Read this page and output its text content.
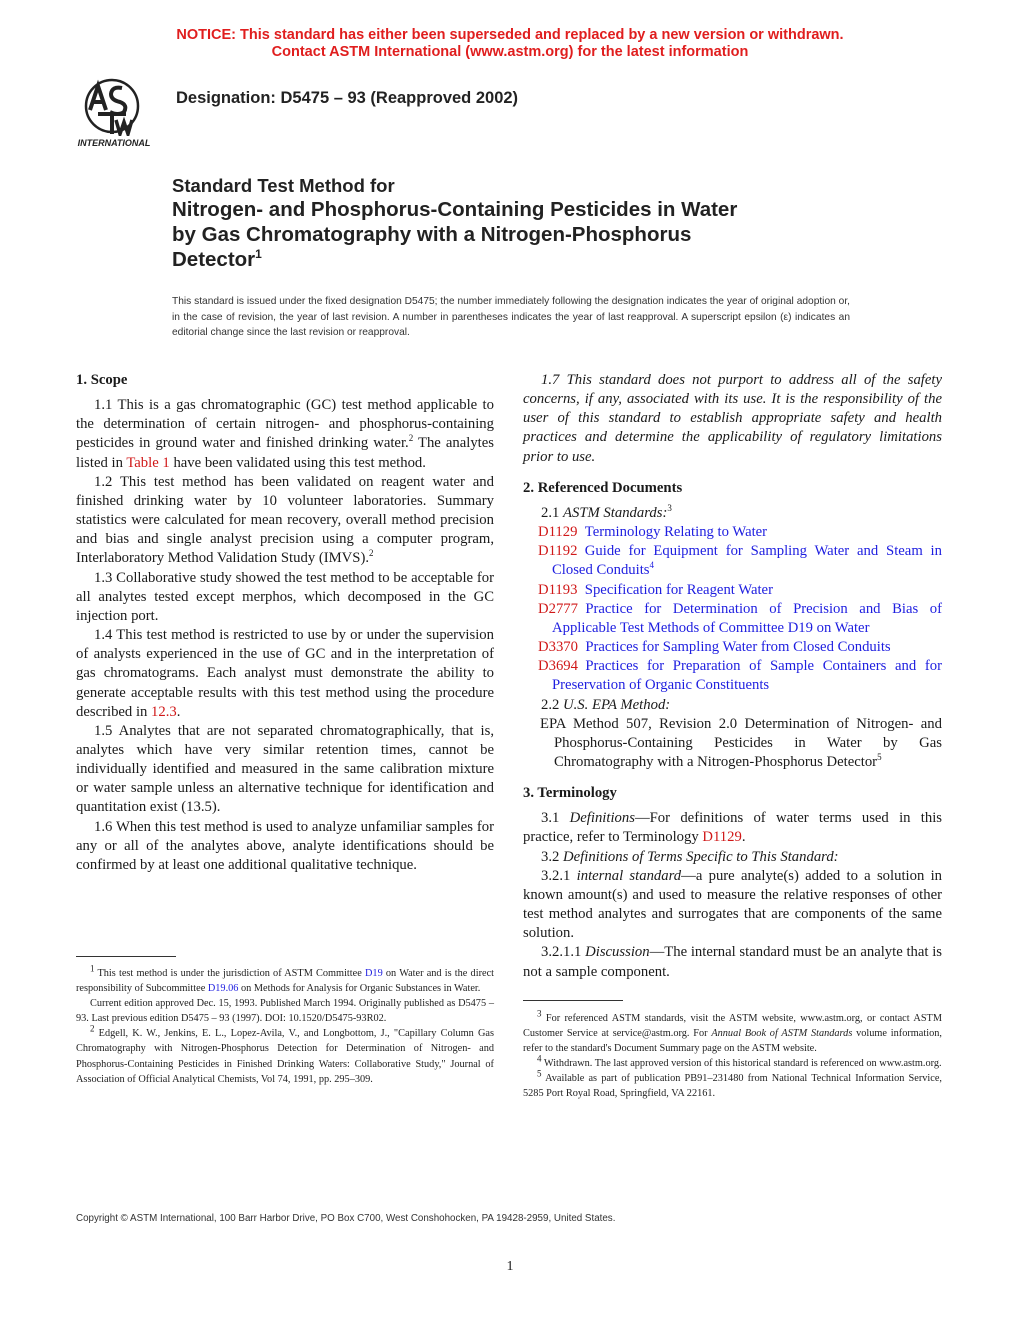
NOTICE: This standard has either been superseded and replaced by a new version or withdrawn.
Contact ASTM International (www.astm.org) for the latest information
INTERNATIONAL
Designation: D5475 – 93 (Reapproved 2002)
Standard Test Method for
Nitrogen- and Phosphorus-Containing Pesticides in Water
by Gas Chromatography with a Nitrogen-Phosphorus
Detector$^1$
This standard is issued under the fixed designation D5475; the number immediately following the designation indicates the year of original adoption or, in the case of revision, the year of last revision. A number in parentheses indicates the year of last reapproval. A superscript epsilon (ε) indicates an editorial change since the last revision or reapproval.
1. Scope

1.1 This is a gas chromatographic (GC) test method applicable to the determination of certain nitrogen- and phosphorus-containing pesticides in ground water and finished drinking water.$^2$ The analytes listed in Table 1 have been validated using this test method.

1.2 This test method has been validated on reagent water and finished drinking water by 10 volunteer laboratories. Summary statistics were calculated for mean recovery, overall method precision and bias and single analyst precision using a computer program, Interlaboratory Method Validation Study (IMVS).$^2$

1.3 Collaborative study showed the test method to be acceptable for all analytes tested except merphos, which decomposed in the GC injection port.

1.4 This test method is restricted to use by or under the supervision of analysts experienced in the use of GC and in the interpretation of gas chromatograms. Each analyst must demonstrate the ability to generate acceptable results with this test method using the procedure described in 12.3.

1.5 Analytes that are not separated chromatographically, that is, analytes which have very similar retention times, cannot be individually identified and measured in the same calibration mixture or water sample unless an alternative technique for identification and quantitation exist (13.5).

1.6 When this test method is used to analyze unfamiliar samples for any or all of the analytes above, analyte identifications should be confirmed by at least one additional qualitative technique.

$^1$ This test method is under the jurisdiction of ASTM Committee D19 on Water and is the direct responsibility of Subcommittee D19.06 on Methods for Analysis for Organic Substances in Water.

Current edition approved Dec. 15, 1993. Published March 1994. Originally published as D5475 – 93. Last previous edition D5475 – 93 (1997). DOI: 10.1520/D5475-93R02.

$^2$ Edgell, K. W., Jenkins, E. L., Lopez-Avila, V., and Longbottom, J., "Capillary Column Gas Chromatography with Nitrogen-Phosphorus Detection for Determination of Nitrogen- and Phosphorus-Containing Pesticides in Finished Drinking Waters: Collaborative Study," Journal of Association of Official Analytical Chemists, Vol 74, 1991, pp. 295–309.

1.7 This standard does not purport to address all of the safety concerns, if any, associated with its use. It is the responsibility of the user of this standard to establish appropriate safety and health practices and determine the applicability of regulatory limitations prior to use.

2. Referenced Documents

2.1 ASTM Standards:$^3$

D1129  Terminology Relating to Water
D1192  Guide for Equipment for Sampling Water and Steam in Closed Conduits$^4$
D1193  Specification for Reagent Water
D2777  Practice for Determination of Precision and Bias of Applicable Test Methods of Committee D19 on Water
D3370  Practices for Sampling Water from Closed Conduits
D3694  Practices for Preparation of Sample Containers and for Preservation of Organic Constituents

2.2 U.S. EPA Method:

EPA Method 507, Revision 2.0 Determination of Nitrogen- and Phosphorus-Containing Pesticides in Water by Gas Chromatography with a Nitrogen-Phosphorus Detector$^5$
3. Terminology

3.1 Definitions—For definitions of water terms used in this practice, refer to Terminology D1129.

3.2 Definitions of Terms Specific to This Standard:

3.2.1 internal standard—a pure analyte(s) added to a solution in known amount(s) and used to measure the relative responses of other test method analytes and surrogates that are components of the same solution.

3.2.1.1 Discussion—The internal standard must be an analyte that is not a sample component.

$^3$ For referenced ASTM standards, visit the ASTM website, www.astm.org, or contact ASTM Customer Service at service@astm.org. For Annual Book of ASTM Standards volume information, refer to the standard's Document Summary page on the ASTM website.

$^4$ Withdrawn. The last approved version of this historical standard is referenced on www.astm.org.

$^5$ Available as part of publication PB91–231480 from National Technical Information Service, 5285 Port Royal Road, Springfield, VA 22161.

Copyright © ASTM International, 100 Barr Harbor Drive, PO Box C700, West Conshohocken, PA 19428-2959, United States.
1
